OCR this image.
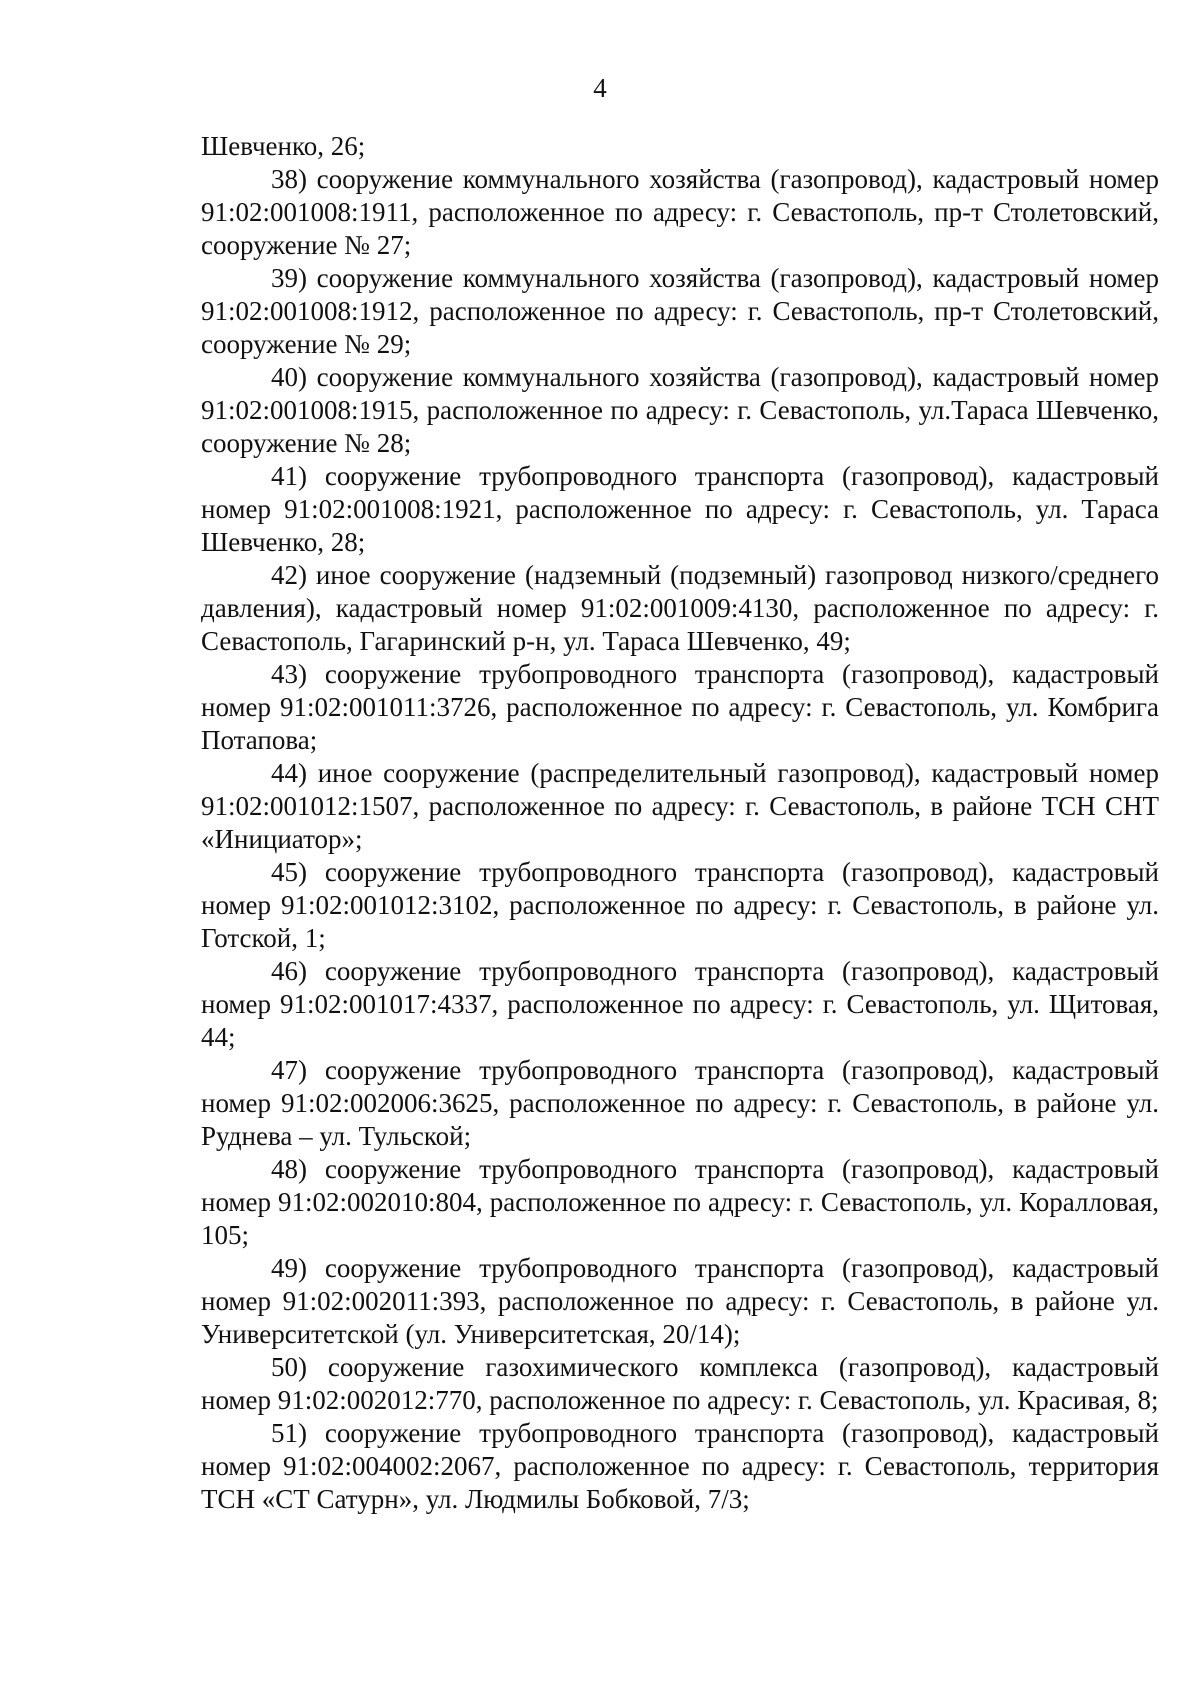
4

Шевченко, 26;

38) сооружение коммунального хозяйства (газопровод), кадастровый номер 91:02:001008:1911, расположенное по адресу: г. Севастополь, пр-т Столетовский, сооружение № 27;

39) сооружение коммунального хозяйства (газопровод), кадастровый номер 91:02:001008:1912, расположенное по адресу: г. Севастополь, пр-т Столетовский, сооружение № 29;

40) сооружение коммунального хозяйства (газопровод), кадастровый номер 91:02:001008:1915, расположенное по адресу: г. Севастополь, ул.Тараса Шевченко, сооружение № 28;

41) сооружение трубопроводного транспорта (газопровод), кадастровый номер 91:02:001008:1921, расположенное по адресу: г. Севастополь, ул. Тараса Шевченко, 28;

42) иное сооружение (надземный (подземный) газопровод низкого/среднего давления), кадастровый номер 91:02:001009:4130, расположенное по адресу: г. Севастополь, Гагаринский р-н, ул. Тараса Шевченко, 49;

43) сооружение трубопроводного транспорта (газопровод), кадастровый номер 91:02:001011:3726, расположенное по адресу: г. Севастополь, ул. Комбрига Потапова;

44) иное сооружение (распределительный газопровод), кадастровый номер 91:02:001012:1507, расположенное по адресу: г. Севастополь, в районе ТСН СНТ «Инициатор»;

45) сооружение трубопроводного транспорта (газопровод), кадастровый номер 91:02:001012:3102, расположенное по адресу: г. Севастополь, в районе ул. Готской, 1;

46) сооружение трубопроводного транспорта (газопровод), кадастровый номер 91:02:001017:4337, расположенное по адресу: г. Севастополь, ул. Щитовая, 44;

47) сооружение трубопроводного транспорта (газопровод), кадастровый номер 91:02:002006:3625, расположенное по адресу: г. Севастополь, в районе ул. Руднева – ул. Тульской;

48) сооружение трубопроводного транспорта (газопровод), кадастровый номер 91:02:002010:804, расположенное по адресу: г. Севастополь, ул. Коралловая, 105;

49) сооружение трубопроводного транспорта (газопровод), кадастровый номер 91:02:002011:393, расположенное по адресу: г. Севастополь, в районе ул. Университетской (ул. Университетская, 20/14);

50) сооружение газохимического комплекса (газопровод), кадастровый номер 91:02:002012:770, расположенное по адресу: г. Севастополь, ул. Красивая, 8;

51) сооружение трубопроводного транспорта (газопровод), кадастровый номер 91:02:004002:2067, расположенное по адресу: г. Севастополь, территория ТСН «СТ Сатурн», ул. Людмилы Бобковой, 7/3;
